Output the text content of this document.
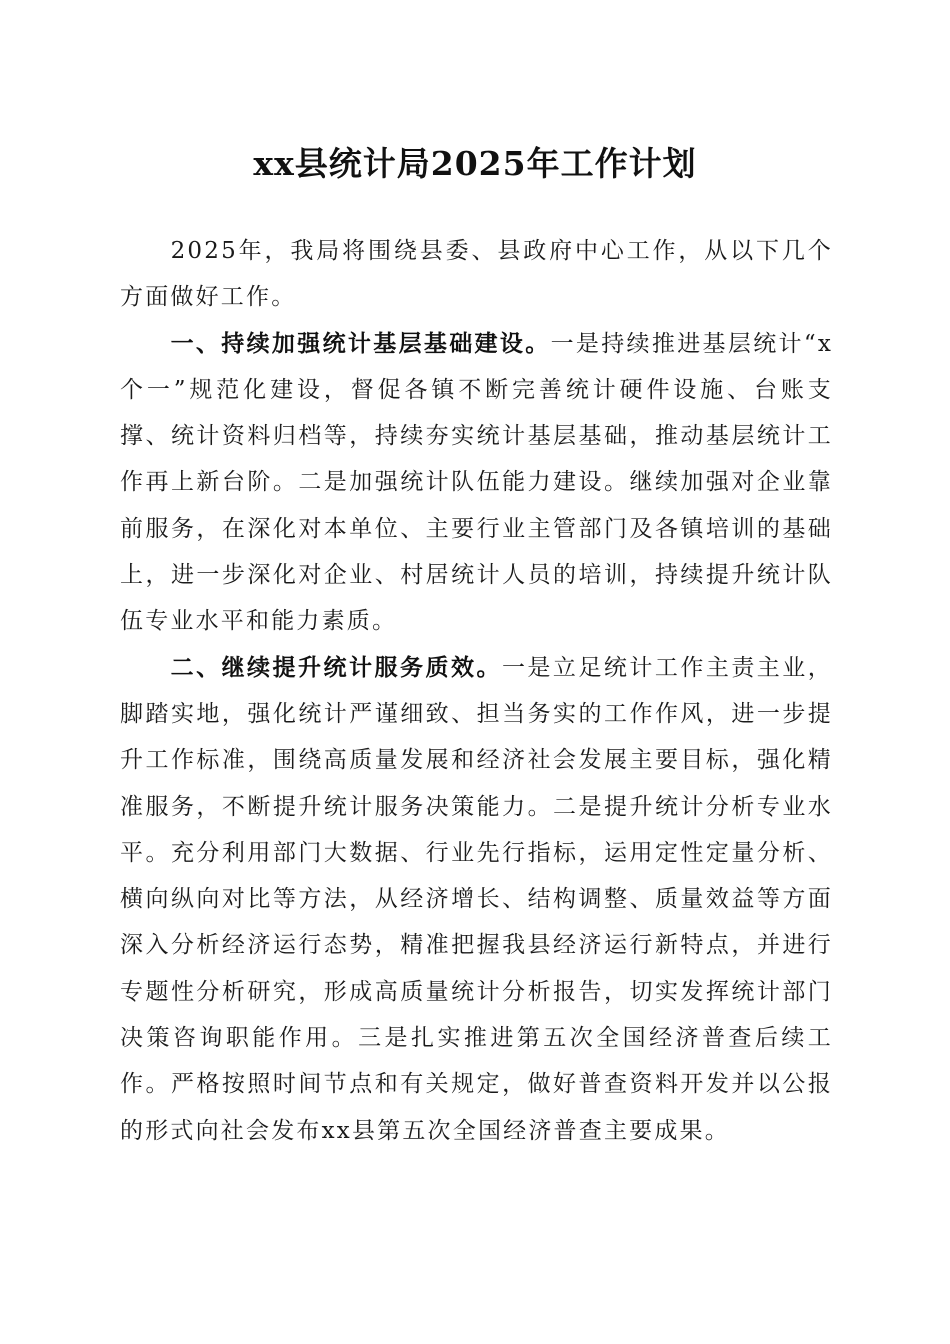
xx县统计局2025年工作计划

2025年，我局将围绕县委、县政府中心工作，从以下几个方面做好工作。

一、持续加强统计基层基础建设。一是持续推进基层统计“x个一”规范化建设，督促各镇不断完善统计硬件设施、台账支撑、统计资料归档等，持续夯实统计基层基础，推动基层统计工作再上新台阶。二是加强统计队伍能力建设。继续加强对企业靠前服务，在深化对本单位、主要行业主管部门及各镇培训的基础上，进一步深化对企业、村居统计人员的培训，持续提升统计队伍专业水平和能力素质。

二、继续提升统计服务质效。一是立足统计工作主责主业，脚踏实地，强化统计严谨细致、担当务实的工作作风，进一步提升工作标准，围绕高质量发展和经济社会发展主要目标，强化精准服务，不断提升统计服务决策能力。二是提升统计分析专业水平。充分利用部门大数据、行业先行指标，运用定性定量分析、横向纵向对比等方法，从经济增长、结构调整、质量效益等方面深入分析经济运行态势，精准把握我县经济运行新特点，并进行专题性分析研究，形成高质量统计分析报告，切实发挥统计部门决策咨询职能作用。三是扎实推进第五次全国经济普查后续工作。严格按照时间节点和有关规定，做好普查资料开发并以公报的形式向社会发布xx县第五次全国经济普查主要成果。
